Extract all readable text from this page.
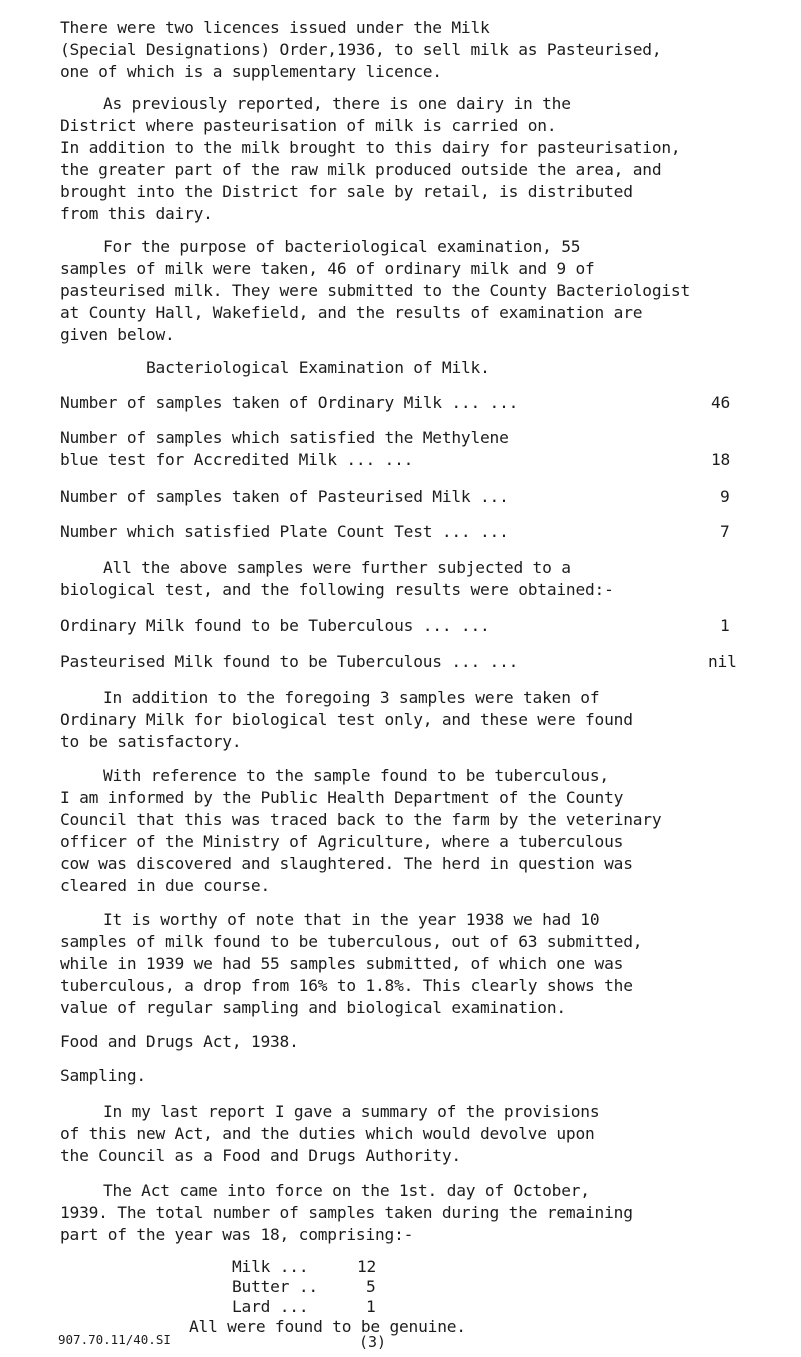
There were two licences issued under the Milk
(Special Designations) Order,1936, to sell milk as Pasteurised,
one of which is a supplementary licence.
As previously reported, there is one dairy in the
District where pasteurisation of milk is carried on.
In addition to the milk brought to this dairy for pasteurisation,
the greater part of the raw milk produced outside the area, and
brought into the District for sale by retail, is distributed
from this dairy.
For the purpose of bacteriological examination, 55
samples of milk were taken, 46 of ordinary milk and 9 of
pasteurised milk. They were submitted to the County Bacteriologist
at County Hall, Wakefield, and the results of examination are
given below.
Bacteriological Examination of Milk.
Number of samples taken of Ordinary Milk ... ...	46
Number of samples which satisfied the Methylene
blue test for Accredited Milk ... ...	18
Number of samples taken of Pasteurised Milk ...	9
Number which satisfied Plate Count Test ... ...	7
All the above samples were further subjected to a
biological test, and the following results were obtained:-
Ordinary Milk found to be Tuberculous ... ...	1
Pasteurised Milk found to be Tuberculous ... ...	nil
In addition to the foregoing 3 samples were taken of
Ordinary Milk for biological test only, and these were found
to be satisfactory.
With reference to the sample found to be tuberculous,
I am informed by the Public Health Department of the County
Council that this was traced back to the farm by the veterinary
officer of the Ministry of Agriculture, where a tuberculous
cow was discovered and slaughtered. The herd in question was
cleared in due course.
It is worthy of note that in the year 1938 we had 10
samples of milk found to be tuberculous, out of 63 submitted,
while in 1939 we had 55 samples submitted, of which one was
tuberculous, a drop from 16% to 1.8%. This clearly shows the
value of regular sampling and biological examination.
Food and Drugs Act, 1938.
Sampling.
In my last report I gave a summary of the provisions
of this new Act, and the duties which would devolve upon
the Council as a Food and Drugs Authority.
The Act came into force on the 1st. day of October,
1939. The total number of samples taken during the remaining
part of the year was 18, comprising:-
Milk ...	12
Butter ..	5
Lard ...	1
All were found to be genuine.
907.70.11/40.SI	(3)
